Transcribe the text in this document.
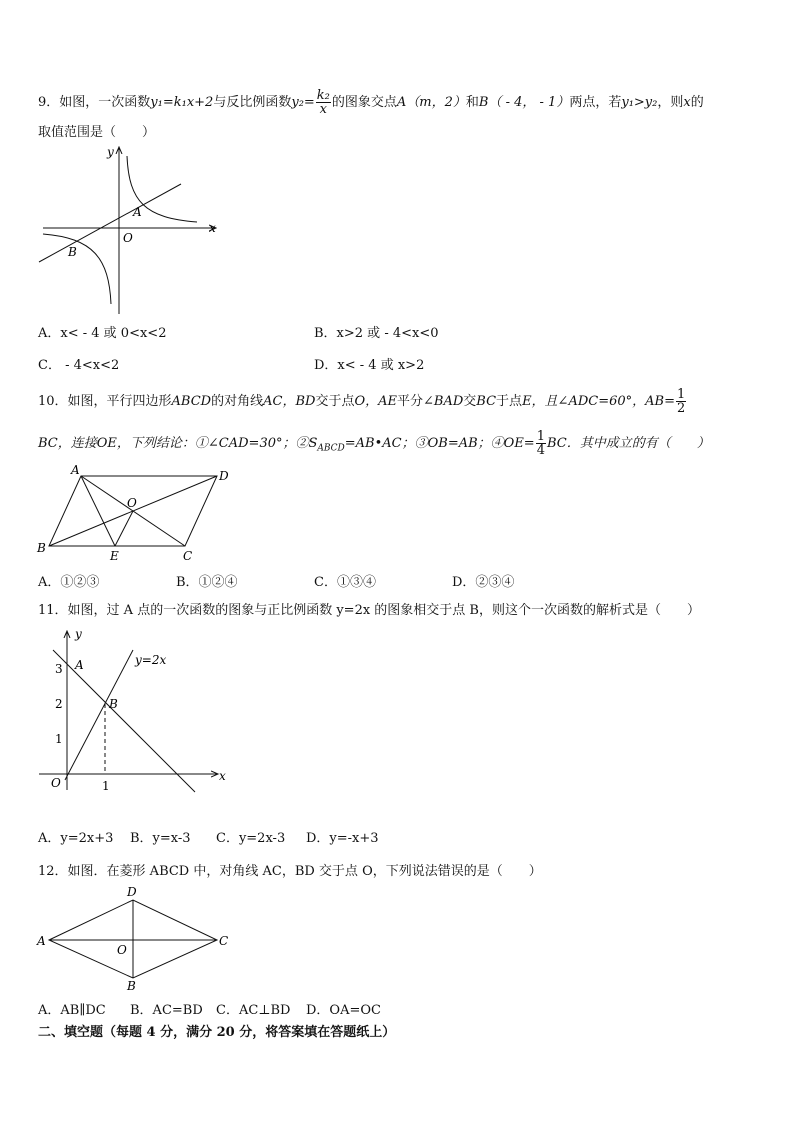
9．如图，一次函数y₁=k₁x+2与反比例函数$y_2= \frac{\text{k₂}}{x}$ 的图象交点A（m，2）和B（ - 4， - 1）两点，若y₁>y₂，则x的
取值范围是（　　）
y
x
O
A
B
A．x< - 4 或 0<x<2	B．x>2 或 - 4<x<0
C． - 4<x<2	D．x< - 4 或 x>2
10．如图，平行四边形ABCD的对角线AC，BD交于点O，AE平分∠BAD交BC于点E，且∠ADC=60°，$AB= \frac{1}{2}$
BC，连接OE，下列结论：①∠CAD=30°；$②S_{ABCD}=AB•AC$；③OB=AB；④OE= $\frac{1}{4}$ BC．其中成立的有（　　）
A	D
B
C
O
E
A．①②③	B．①②④	C．①③④	D．②③④
11．如图，过 A 点的一次函数的图象与正比例函数 y=2x 的图象相交于点 B，则这个一次函数的解析式是（　　）
y
x
O
A
B
y=2x
3
2
1
1
A．y=2x+3 B．y=x-3 C．y=2x-3 D．y=-x+3
12．如图．在菱形 ABCD 中，对角线 AC，BD 交于点 O，下列说法错误的是（　　）
A	C
D
B
O
A．AB∥DC B．AC=BD C．AC⊥BD D．OA=OC
二、填空题（每题 4 分，满分 20 分，将答案填在答题纸上）
